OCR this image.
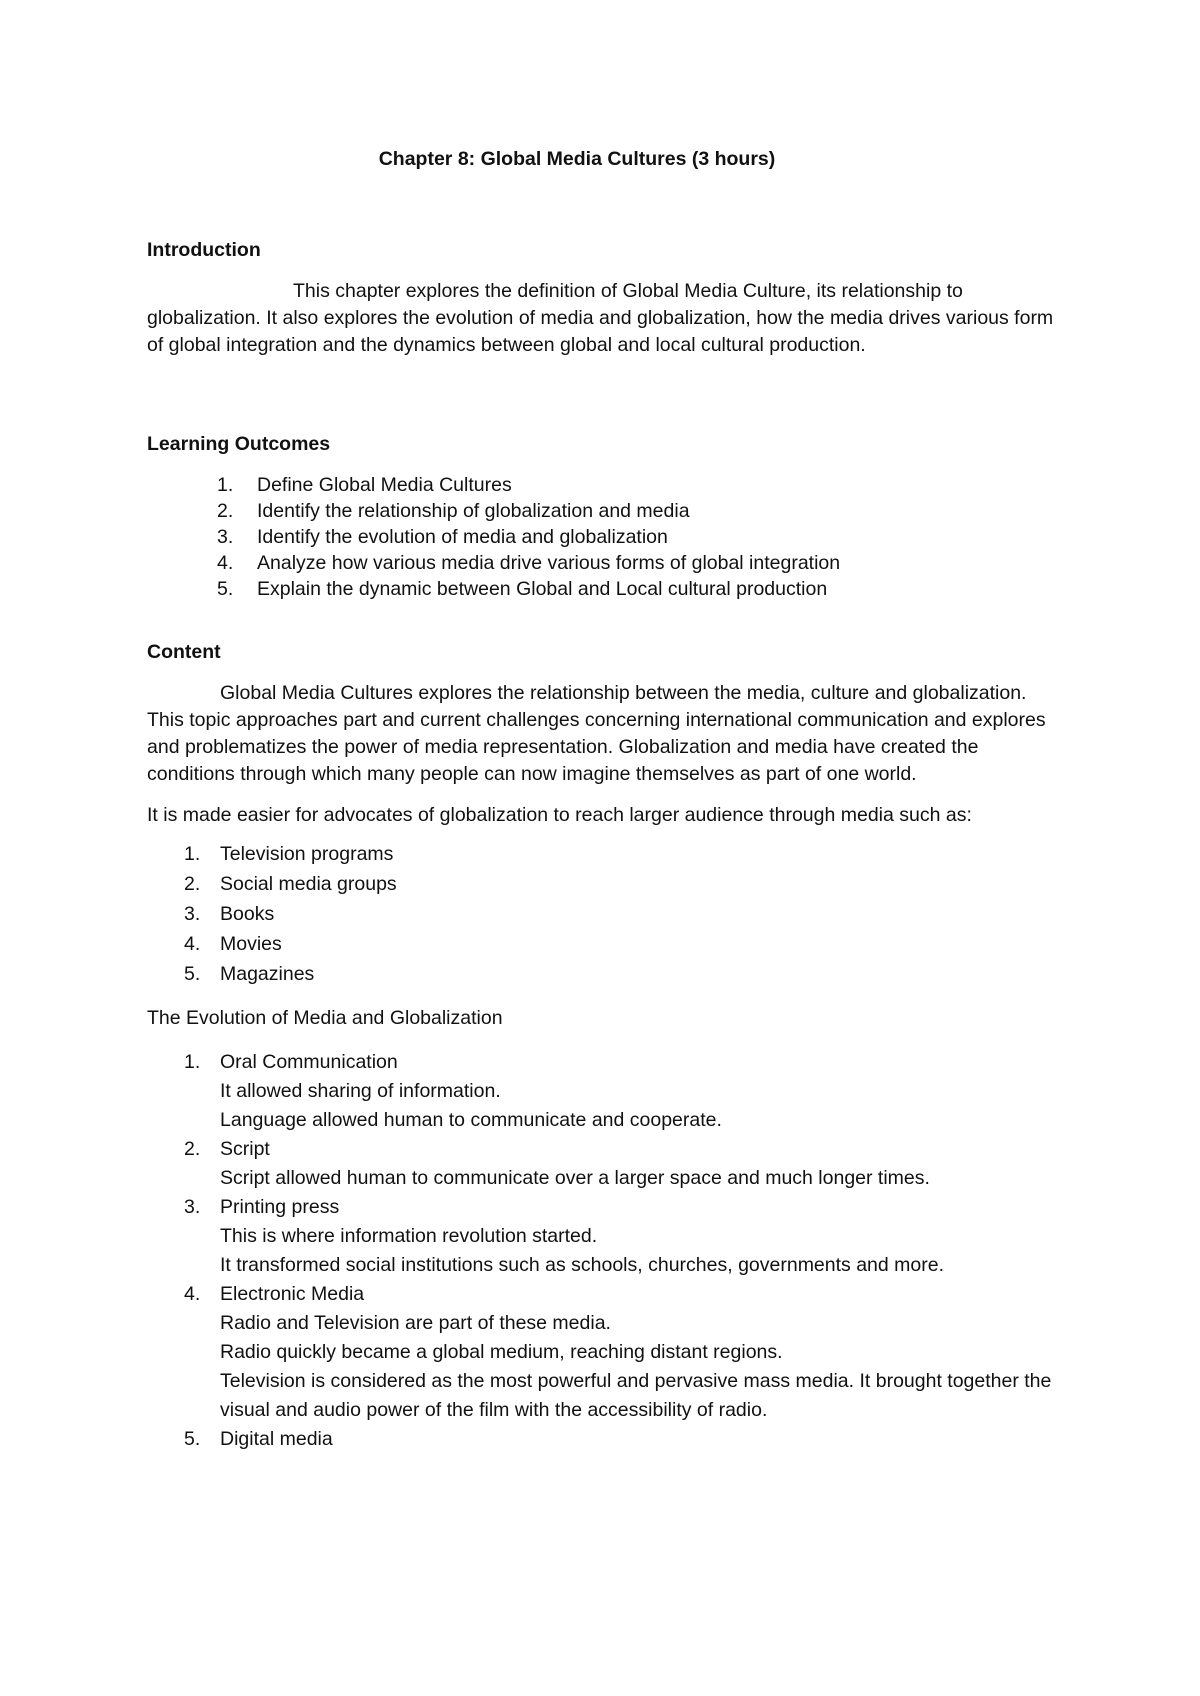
Chapter 8: Global Media Cultures (3 hours)

Introduction

This chapter explores the definition of Global Media Culture, its relationship to globalization. It also explores the evolution of media and globalization, how the media drives various form of global integration and the dynamics between global and local cultural production.

Learning Outcomes

1.	Define Global Media Cultures
2.	Identify the relationship of globalization and media
3.	Identify the evolution of media and globalization
4.	Analyze how various media drive various forms of global integration
5.	Explain the dynamic between Global and Local cultural production

Content

Global Media Cultures explores the relationship between the media, culture and globalization. This topic approaches part and current challenges concerning international communication and explores and problematizes the power of media representation. Globalization and media have created the conditions through which many people can now imagine themselves as part of one world.

It is made easier for advocates of globalization to reach larger audience through media such as:

1.	Television programs
2.	Social media groups
3.	Books
4.	Movies
5.	Magazines

The Evolution of Media and Globalization

1.	Oral Communication
It allowed sharing of information.
Language allowed human to communicate and cooperate.
2.	Script
Script allowed human to communicate over a larger space and much longer times.
3.	Printing press
This is where information revolution started.
It transformed social institutions such as schools, churches, governments and more.
4.	Electronic Media
Radio and Television are part of these media.
Radio quickly became a global medium, reaching distant regions.
Television is considered as the most powerful and pervasive mass media. It brought together the visual and audio power of the film with the accessibility of radio.
5.	Digital media
